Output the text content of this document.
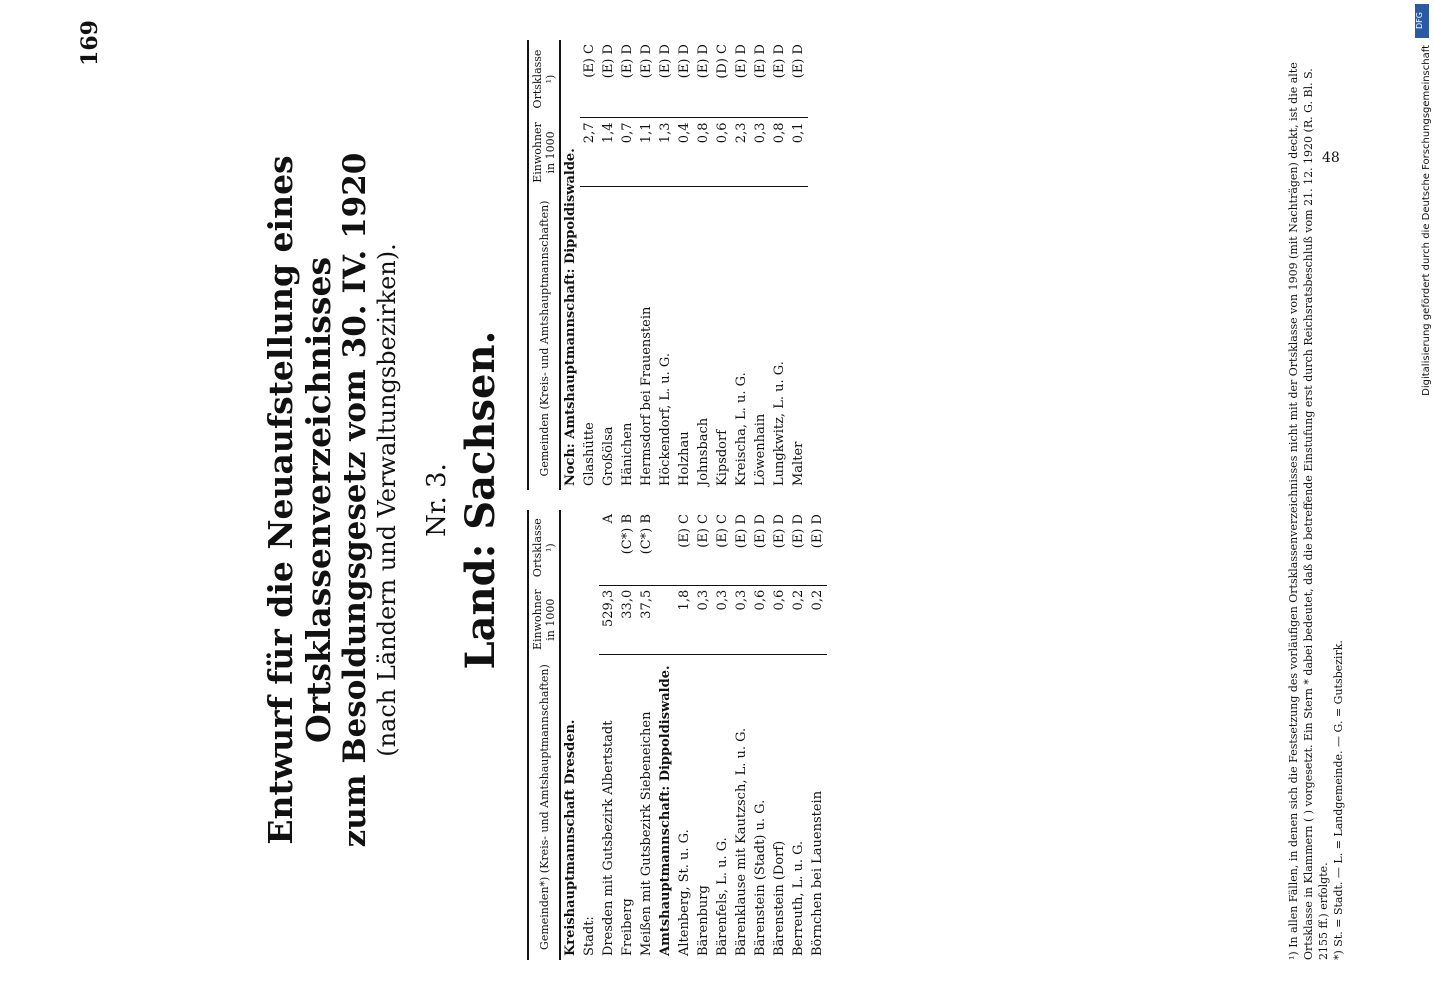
169
Entwurf für die Neuaufstellung eines Ortsklassenverzeichnisses
zum Besoldungsgesetz vom 30. IV. 1920 (nach Ländern und Verwaltungsbezirken). Nr. 3. Land: Sachsen.
Gemeinden*) (Kreis- und Amtshauptmannschaften)	Einwohner in 1000	Ortsklasse ¹)
Kreishauptmannschaft Dresden.		
Stadt:		
Dresden mit Gutsbezirk Albertstadt	529,3	A
Freiberg	33,0	(C*) B
Meißen mit Gutsbezirk Siebeneichen	37,5	(C*) B
Amtshauptmannschaft: Dippoldiswalde.		
Altenberg, St. u. G.	1,8	(E) C
Bärenburg	0,3	(E) C
Bärenfels, L. u. G.	0,3	(E) C
Bärenklause mit Kautzsch, L. u. G.	0,3	(E) D
Bärenstein (Stadt) u. G.	0,6	(E) D
Bärenstein (Dorf)	0,6	(E) D
Berreuth, L. u. G.	0,2	(E) D
Börnchen bei Lauenstein	0,2	(E) D
Gemeinden (Kreis- und Amtshauptmannschaften)	Einwohner in 1000	Ortsklasse ¹)
Noch: Amtshauptmannschaft: Dippoldiswalde.		
Glashütte	2,7	(E) C
Großölsa	1,4	(E) D
Hänichen	0,7	(E) D
Hermsdorf bei Frauenstein	1,1	(E) D
Höckendorf, L. u. G.	1,3	(E) D
Holzhau	0,4	(E) D
Johnsbach	0,8	(E) D
Kipsdorf	0,6	(D) C
Kreischa, L. u. G.	2,3	(E) D
Löwenhain	0,3	(E) D
Lungkwitz, L. u. G.	0,8	(E) D
Malter	0,1	(E) D
¹) In allen Fällen, in denen sich die Festsetzung des vorläufigen Ortsklassenverzeichnisses nicht mit der Ortsklasse von 1909 (mit Nachträgen) deckt, ist die alte Ortsklasse in Klammern ( ) vorgesetzt. Ein Stern * dabei bedeutet, daß die betreffende Einstufung erst durch Reichsratsbeschluß vom 21. 12. 1920 (R. G. Bl. S. 2155 ff.) erfolgte. *) St. = Stadt. — L. = Landgemeinde. — G. = Gutsbezirk.
48
DFG
Digitalisierung gefördert durch die Deutsche Forschungsgemeinschaft
